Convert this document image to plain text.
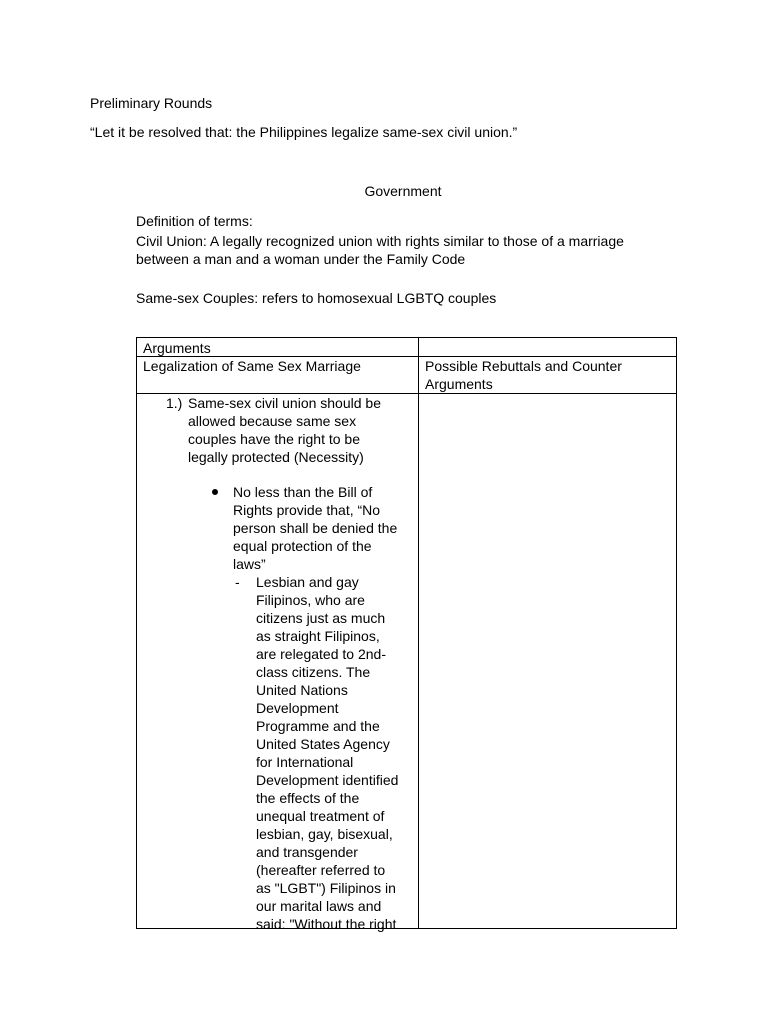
Preliminary Rounds
“Let it be resolved that: the Philippines legalize same-sex civil union.”
Government
Definition of terms:
Civil Union: A legally recognized union with rights similar to those of a marriage
between a man and a woman under the Family Code
Same-sex Couples: refers to homosexual LGBTQ couples
Arguments
Legalization of Same Sex Marriage	Possible Rebuttals and Counter
Arguments
1.) Same-sex civil union should be
allowed because same sex
couples have the right to be
legally protected (Necessity)
No less than the Bill of
Rights provide that, “No
person shall be denied the
equal protection of the
laws”
- Lesbian and gay
Filipinos, who are
citizens just as much
as straight Filipinos,
are relegated to 2nd-
class citizens. The
United Nations
Development
Programme and the
United States Agency
for International
Development identified
the effects of the
unequal treatment of
lesbian, gay, bisexual,
and transgender
(hereafter referred to
as "LGBT") Filipinos in
our marital laws and
said: "Without the right
